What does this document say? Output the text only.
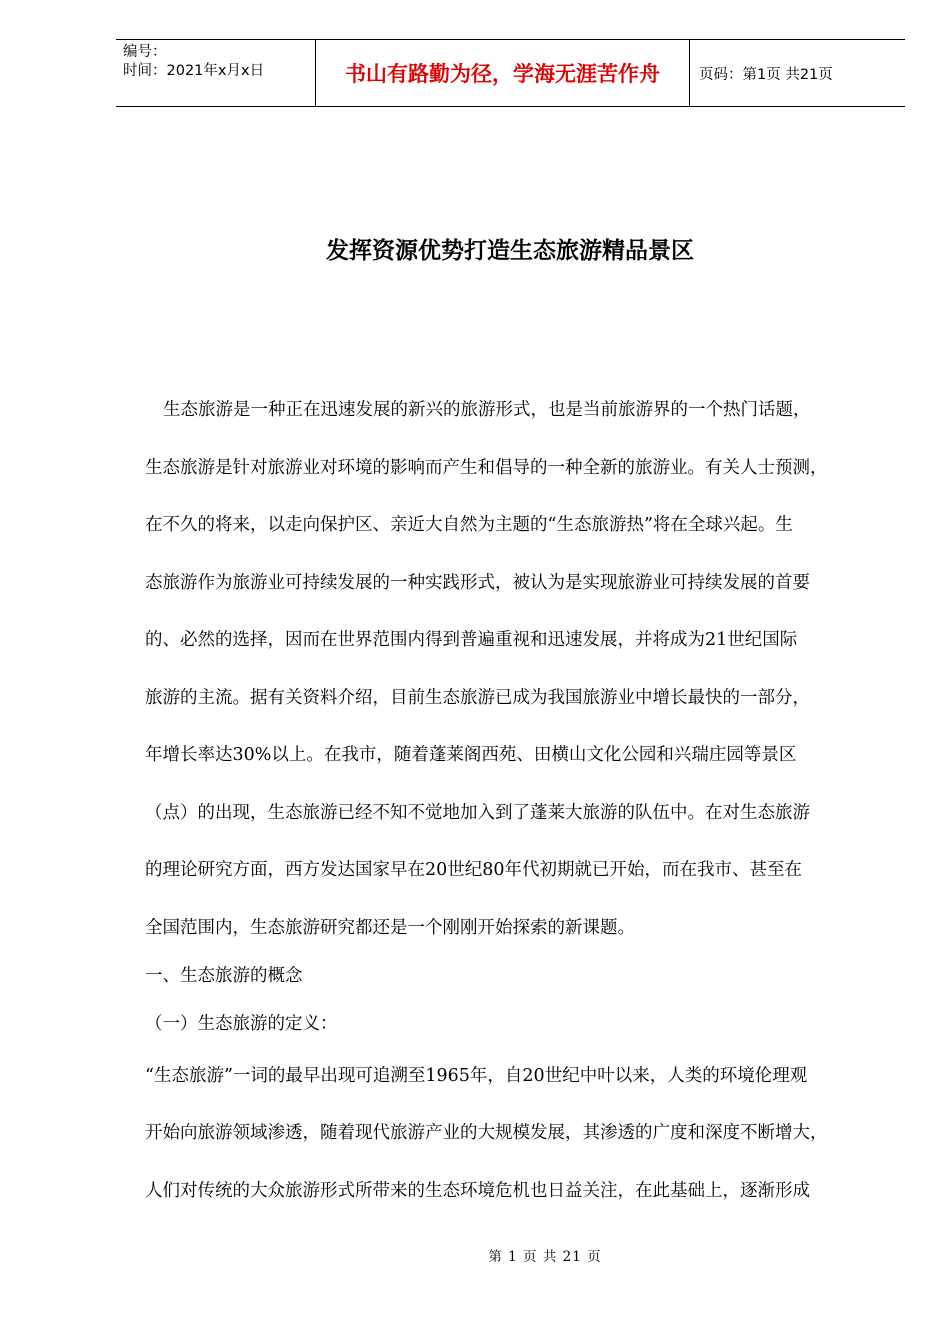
编号：
时间：2021年x月x日	书山有路勤为径，学海无涯苦作舟	页码：第1页 共21页
发挥资源优势打造生态旅游精品景区
生态旅游是一种正在迅速发展的新兴的旅游形式，也是当前旅游界的一个热门话题，
生态旅游是针对旅游业对环境的影响而产生和倡导的一种全新的旅游业。有关人士预测，
在不久的将来，以走向保护区、亲近大自然为主题的“生态旅游热”将在全球兴起。生
态旅游作为旅游业可持续发展的一种实践形式，被认为是实现旅游业可持续发展的首要
的、必然的选择，因而在世界范围内得到普遍重视和迅速发展，并将成为21世纪国际
旅游的主流。据有关资料介绍，目前生态旅游已成为我国旅游业中增长最快的一部分，
年增长率达30%以上。在我市，随着蓬莱阁西苑、田横山文化公园和兴瑞庄园等景区
（点）的出现，生态旅游已经不知不觉地加入到了蓬莱大旅游的队伍中。在对生态旅游
的理论研究方面，西方发达国家早在20世纪80年代初期就已开始，而在我市、甚至在
全国范围内，生态旅游研究都还是一个刚刚开始探索的新课题。
一、生态旅游的概念
（一）生态旅游的定义：
“生态旅游”一词的最早出现可追溯至1965年，自20世纪中叶以来，人类的环境伦理观
开始向旅游领域渗透，随着现代旅游产业的大规模发展，其渗透的广度和深度不断增大，
人们对传统的大众旅游形式所带来的生态环境危机也日益关注，在此基础上，逐渐形成
第 1 页 共 21 页
